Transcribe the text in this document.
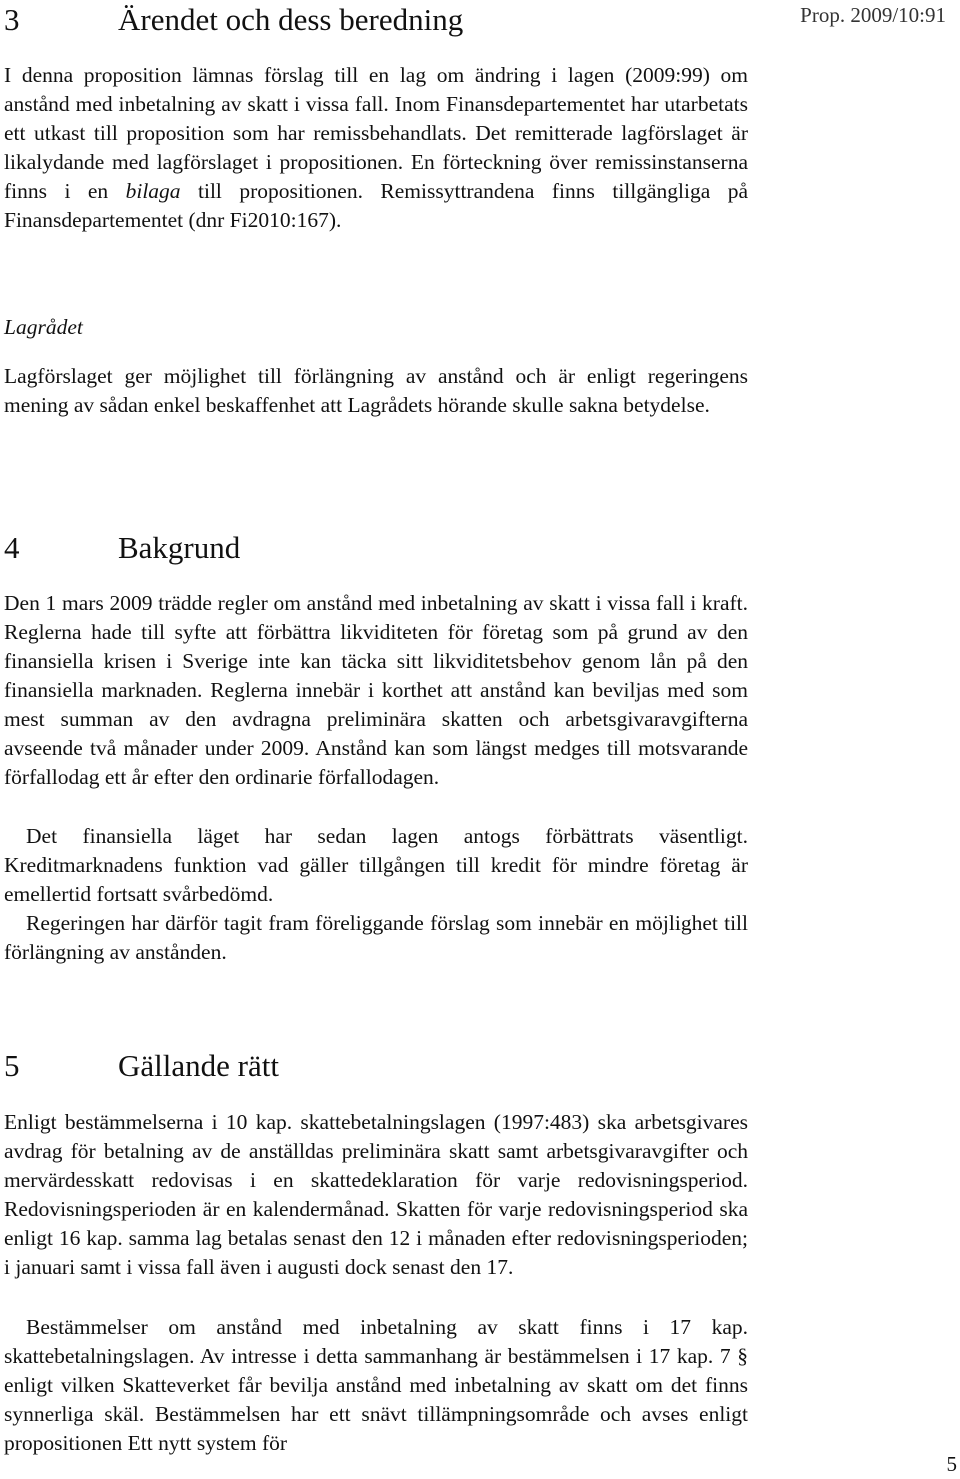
Prop. 2009/10:91
3	Ärendet och dess beredning

I denna proposition lämnas förslag till en lag om ändring i lagen (2009:99) om anstånd med inbetalning av skatt i vissa fall. Inom Finansdepartementet har utarbetats ett utkast till proposition som har remissbehandlats. Det remitterade lagförslaget är likalydande med lagförslaget i propositionen. En förteckning över remissinstanserna finns i en bilaga till propositionen. Remissyttrandena finns tillgängliga på Finansdepartementet (dnr Fi2010:167).

Lagrådet

Lagförslaget ger möjlighet till förlängning av anstånd och är enligt regeringens mening av sådan enkel beskaffenhet att Lagrådets hörande skulle sakna betydelse.

4	Bakgrund

Den 1 mars 2009 trädde regler om anstånd med inbetalning av skatt i vissa fall i kraft. Reglerna hade till syfte att förbättra likviditeten för företag som på grund av den finansiella krisen i Sverige inte kan täcka sitt likviditetsbehov genom lån på den finansiella marknaden. Reglerna innebär i korthet att anstånd kan beviljas med som mest summan av den avdragna preliminära skatten och arbetsgivaravgifterna avseende två månader under 2009. Anstånd kan som längst medges till motsvarande förfallodag ett år efter den ordinarie förfallodagen.

Det finansiella läget har sedan lagen antogs förbättrats väsentligt. Kreditmarknadens funktion vad gäller tillgången till kredit för mindre företag är emellertid fortsatt svårbedömd.

Regeringen har därför tagit fram föreliggande förslag som innebär en möjlighet till förlängning av anstånden.

5	Gällande rätt

Enligt bestämmelserna i 10 kap. skattebetalningslagen (1997:483) ska arbetsgivares avdrag för betalning av de anställdas preliminära skatt samt arbetsgivaravgifter och mervärdesskatt redovisas i en skattedeklaration för varje redovisningsperiod. Redovisningsperioden är en kalendermånad. Skatten för varje redovisningsperiod ska enligt 16 kap. samma lag betalas senast den 12 i månaden efter redovisningsperioden; i januari samt i vissa fall även i augusti dock senast den 17.

Bestämmelser om anstånd med inbetalning av skatt finns i 17 kap. skattebetalningslagen. Av intresse i detta sammanhang är bestämmelsen i 17 kap. 7 § enligt vilken Skatteverket får bevilja anstånd med inbetalning av skatt om det finns synnerliga skäl. Bestämmelsen har ett snävt tillämpningsområde och avses enligt propositionen Ett nytt system för

5
